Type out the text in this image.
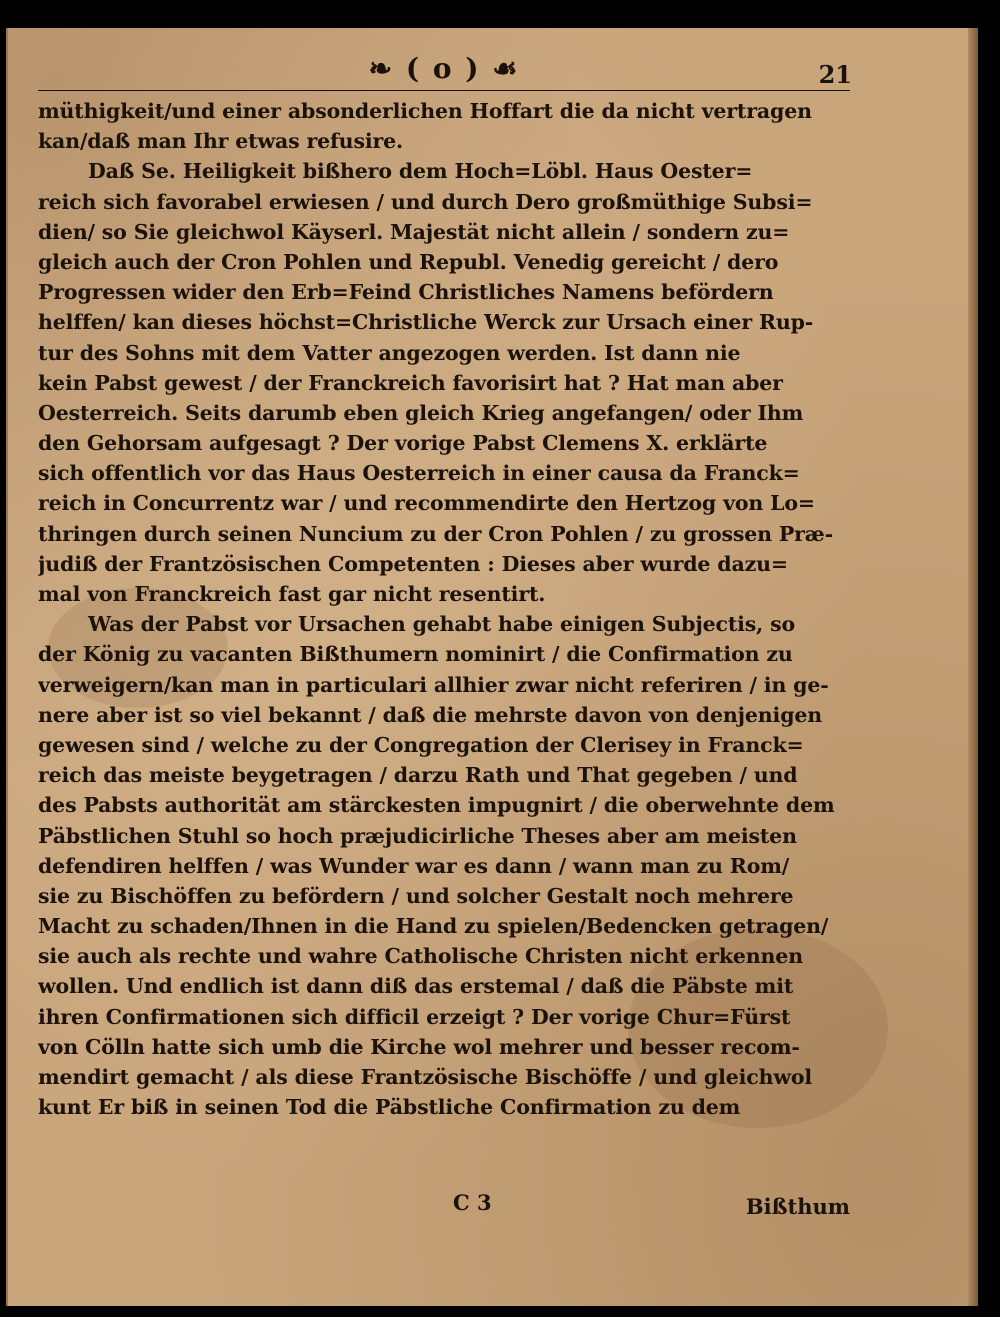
❧ ( o ) ☙	21
müthigkeit/und einer absonderlichen Hoffart die da nicht vertragen
kan/daß man Ihr etwas refusire.
Daß Se. Heiligkeit bißhero dem Hoch=Löbl. Haus Oester=
reich sich favorabel erwiesen / und durch Dero großmüthige Subsi=
dien/ so Sie gleichwol Käyserl. Majestät nicht allein / sondern zu=
gleich auch der Cron Pohlen und Republ. Venedig gereicht / dero
Progressen wider den Erb=Feind Christliches Namens befördern
helffen/ kan dieses höchst=Christliche Werck zur Ursach einer Rup-
tur des Sohns mit dem Vatter angezogen werden. Ist dann nie
kein Pabst gewest / der Franckreich favorisirt hat ? Hat man aber
Oesterreich. Seits darumb eben gleich Krieg angefangen/ oder Ihm
den Gehorsam aufgesagt ? Der vorige Pabst Clemens X. erklärte
sich offentlich vor das Haus Oesterreich in einer causa da Franck=
reich in Concurrentz war / und recommendirte den Hertzog von Lo=
thringen durch seinen Nuncium zu der Cron Pohlen / zu grossen Præ-
judiß der Frantzösischen Competenten : Dieses aber wurde dazu=
mal von Franckreich fast gar nicht resentirt.
Was der Pabst vor Ursachen gehabt habe einigen Subjectis, so
der König zu vacanten Bißthumern nominirt / die Confirmation zu
verweigern/kan man in particulari allhier zwar nicht referiren / in ge-
nere aber ist so viel bekannt / daß die mehrste davon von denjenigen
gewesen sind / welche zu der Congregation der Clerisey in Franck=
reich das meiste beygetragen / darzu Rath und That gegeben / und
des Pabsts authorität am stärckesten impugnirt / die oberwehnte dem
Päbstlichen Stuhl so hoch præjudicirliche Theses aber am meisten
defendiren helffen / was Wunder war es dann / wann man zu Rom/
sie zu Bischöffen zu befördern / und solcher Gestalt noch mehrere
Macht zu schaden/Ihnen in die Hand zu spielen/Bedencken getragen/
sie auch als rechte und wahre Catholische Christen nicht erkennen
wollen. Und endlich ist dann diß das erstemal / daß die Päbste mit
ihren Confirmationen sich difficil erzeigt ? Der vorige Chur=Fürst
von Cölln hatte sich umb die Kirche wol mehrer und besser recom-
mendirt gemacht / als diese Frantzösische Bischöffe / und gleichwol
kunt Er biß in seinen Tod die Päbstliche Confirmation zu dem
C 3	Bißthum
